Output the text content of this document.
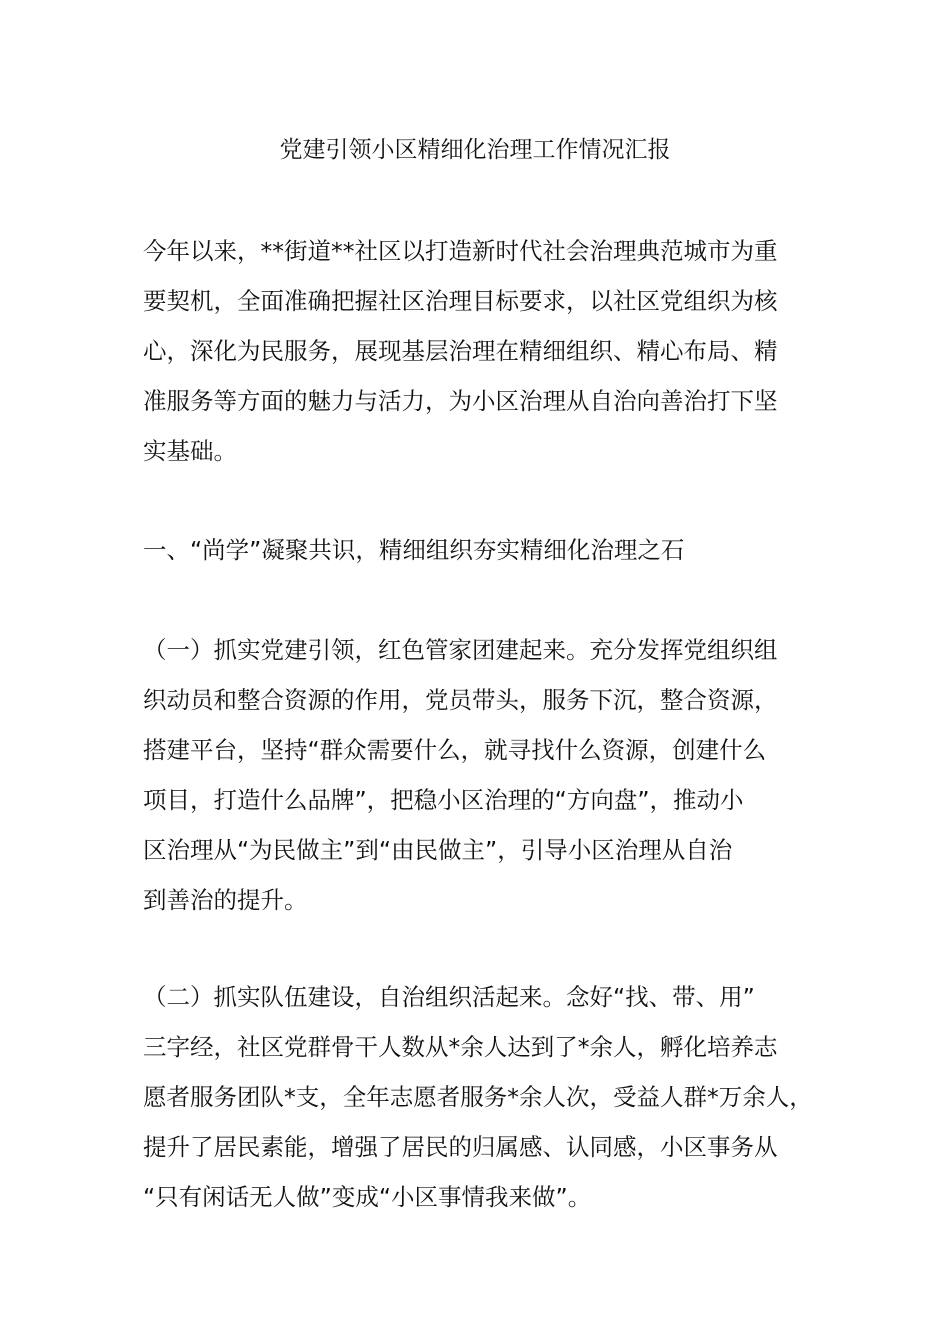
党建引领小区精细化治理工作情况汇报
今年以来，**街道**社区以打造新时代社会治理典范城市为重
要契机，全面准确把握社区治理目标要求，以社区党组织为核
心，深化为民服务，展现基层治理在精细组织、精心布局、精
准服务等方面的魅力与活力，为小区治理从自治向善治打下坚
实基础。
一、“尚学”凝聚共识，精细组织夯实精细化治理之石
（一）抓实党建引领，红色管家团建起来。充分发挥党组织组
织动员和整合资源的作用，党员带头，服务下沉，整合资源，
搭建平台，坚持“群众需要什么，就寻找什么资源，创建什么
项目，打造什么品牌”，把稳小区治理的“方向盘”，推动小
区治理从“为民做主”到“由民做主”，引导小区治理从自治
到善治的提升。
（二）抓实队伍建设，自治组织活起来。念好“找、带、用”
三字经，社区党群骨干人数从*余人达到了*余人，孵化培养志
愿者服务团队*支，全年志愿者服务*余人次，受益人群*万余人，
提升了居民素能，增强了居民的归属感、认同感，小区事务从
“只有闲话无人做”变成“小区事情我来做”。
